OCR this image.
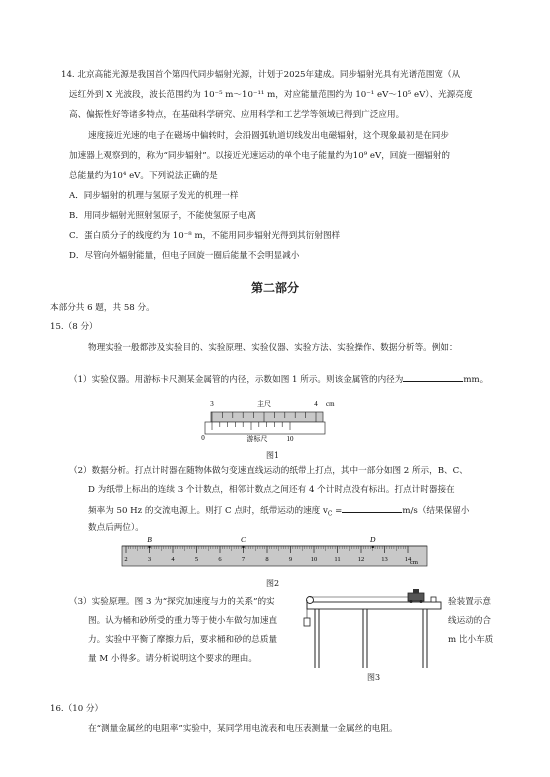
14. 北京高能光源是我国首个第四代同步辐射光源，计划于2025年建成。同步辐射光具有光谱范围宽（从
远红外到 X 光波段，波长范围约为 10⁻⁵ m～10⁻¹¹ m，对应能量范围约为 10⁻¹ eV～10⁵ eV）、光源亮度
高、偏振性好等诸多特点，在基础科学研究、应用科学和工艺学等领域已得到广泛应用。
速度接近光速的电子在磁场中偏转时，会沿圆弧轨道切线发出电磁辐射，这个现象最初是在同步
加速器上观察到的，称为“同步辐射”。以接近光速运动的单个电子能量约为10⁹ eV，回旋一圈辐射的
总能量约为10⁴ eV。下列说法正确的是
A．同步辐射的机理与氢原子发光的机理一样
B．用同步辐射光照射氢原子，不能使氢原子电离
C．蛋白质分子的线度约为 10⁻⁸ m，不能用同步辐射光得到其衍射图样
D．尽管向外辐射能量，但电子回旋一圈后能量不会明显减小
第二部分
本部分共 6 题，共 58 分。
15.（8 分）
物理实验一般都涉及实验目的、实验原理、实验仪器、实验方法、实验操作、数据分析等。例如：
（1）实验仪器。用游标卡尺测某金属管的内径，示数如图 1 所示。则该金属管的内径为	mm。
3	4 cm
主尺
0	游标尺	10
图1
（2）数据分析。打点计时器在随物体做匀变速直线运动的纸带上打点，其中一部分如图 2 所示，B、C、
D 为纸带上标出的连续 3 个计数点，相邻计数点之间还有 4 个计时点没有标出。打点计时器接在
频率为 50 Hz 的交流电源上。则打 C 点时，纸带运动的速度 $v_C$ =	m/s（结果保留小
数点后两位）。
2	3	4	5	6	7	8	9	10	11	12	13	14
B	C	D
cm
图2
（3）实验原理。图 3 为“探究加速度与力的关系”的实
图。认为桶和砂所受的重力等于使小车做匀加速直
力。实验中平衡了摩擦力后，要求桶和砂的总质量
量 M 小得多。请分析说明这个要求的理由。
验装置示意
线运动的合
m 比小车质
图3
16.（10 分）
在“测量金属丝的电阻率”实验中，某同学用电流表和电压表测量一金属丝的电阻。
